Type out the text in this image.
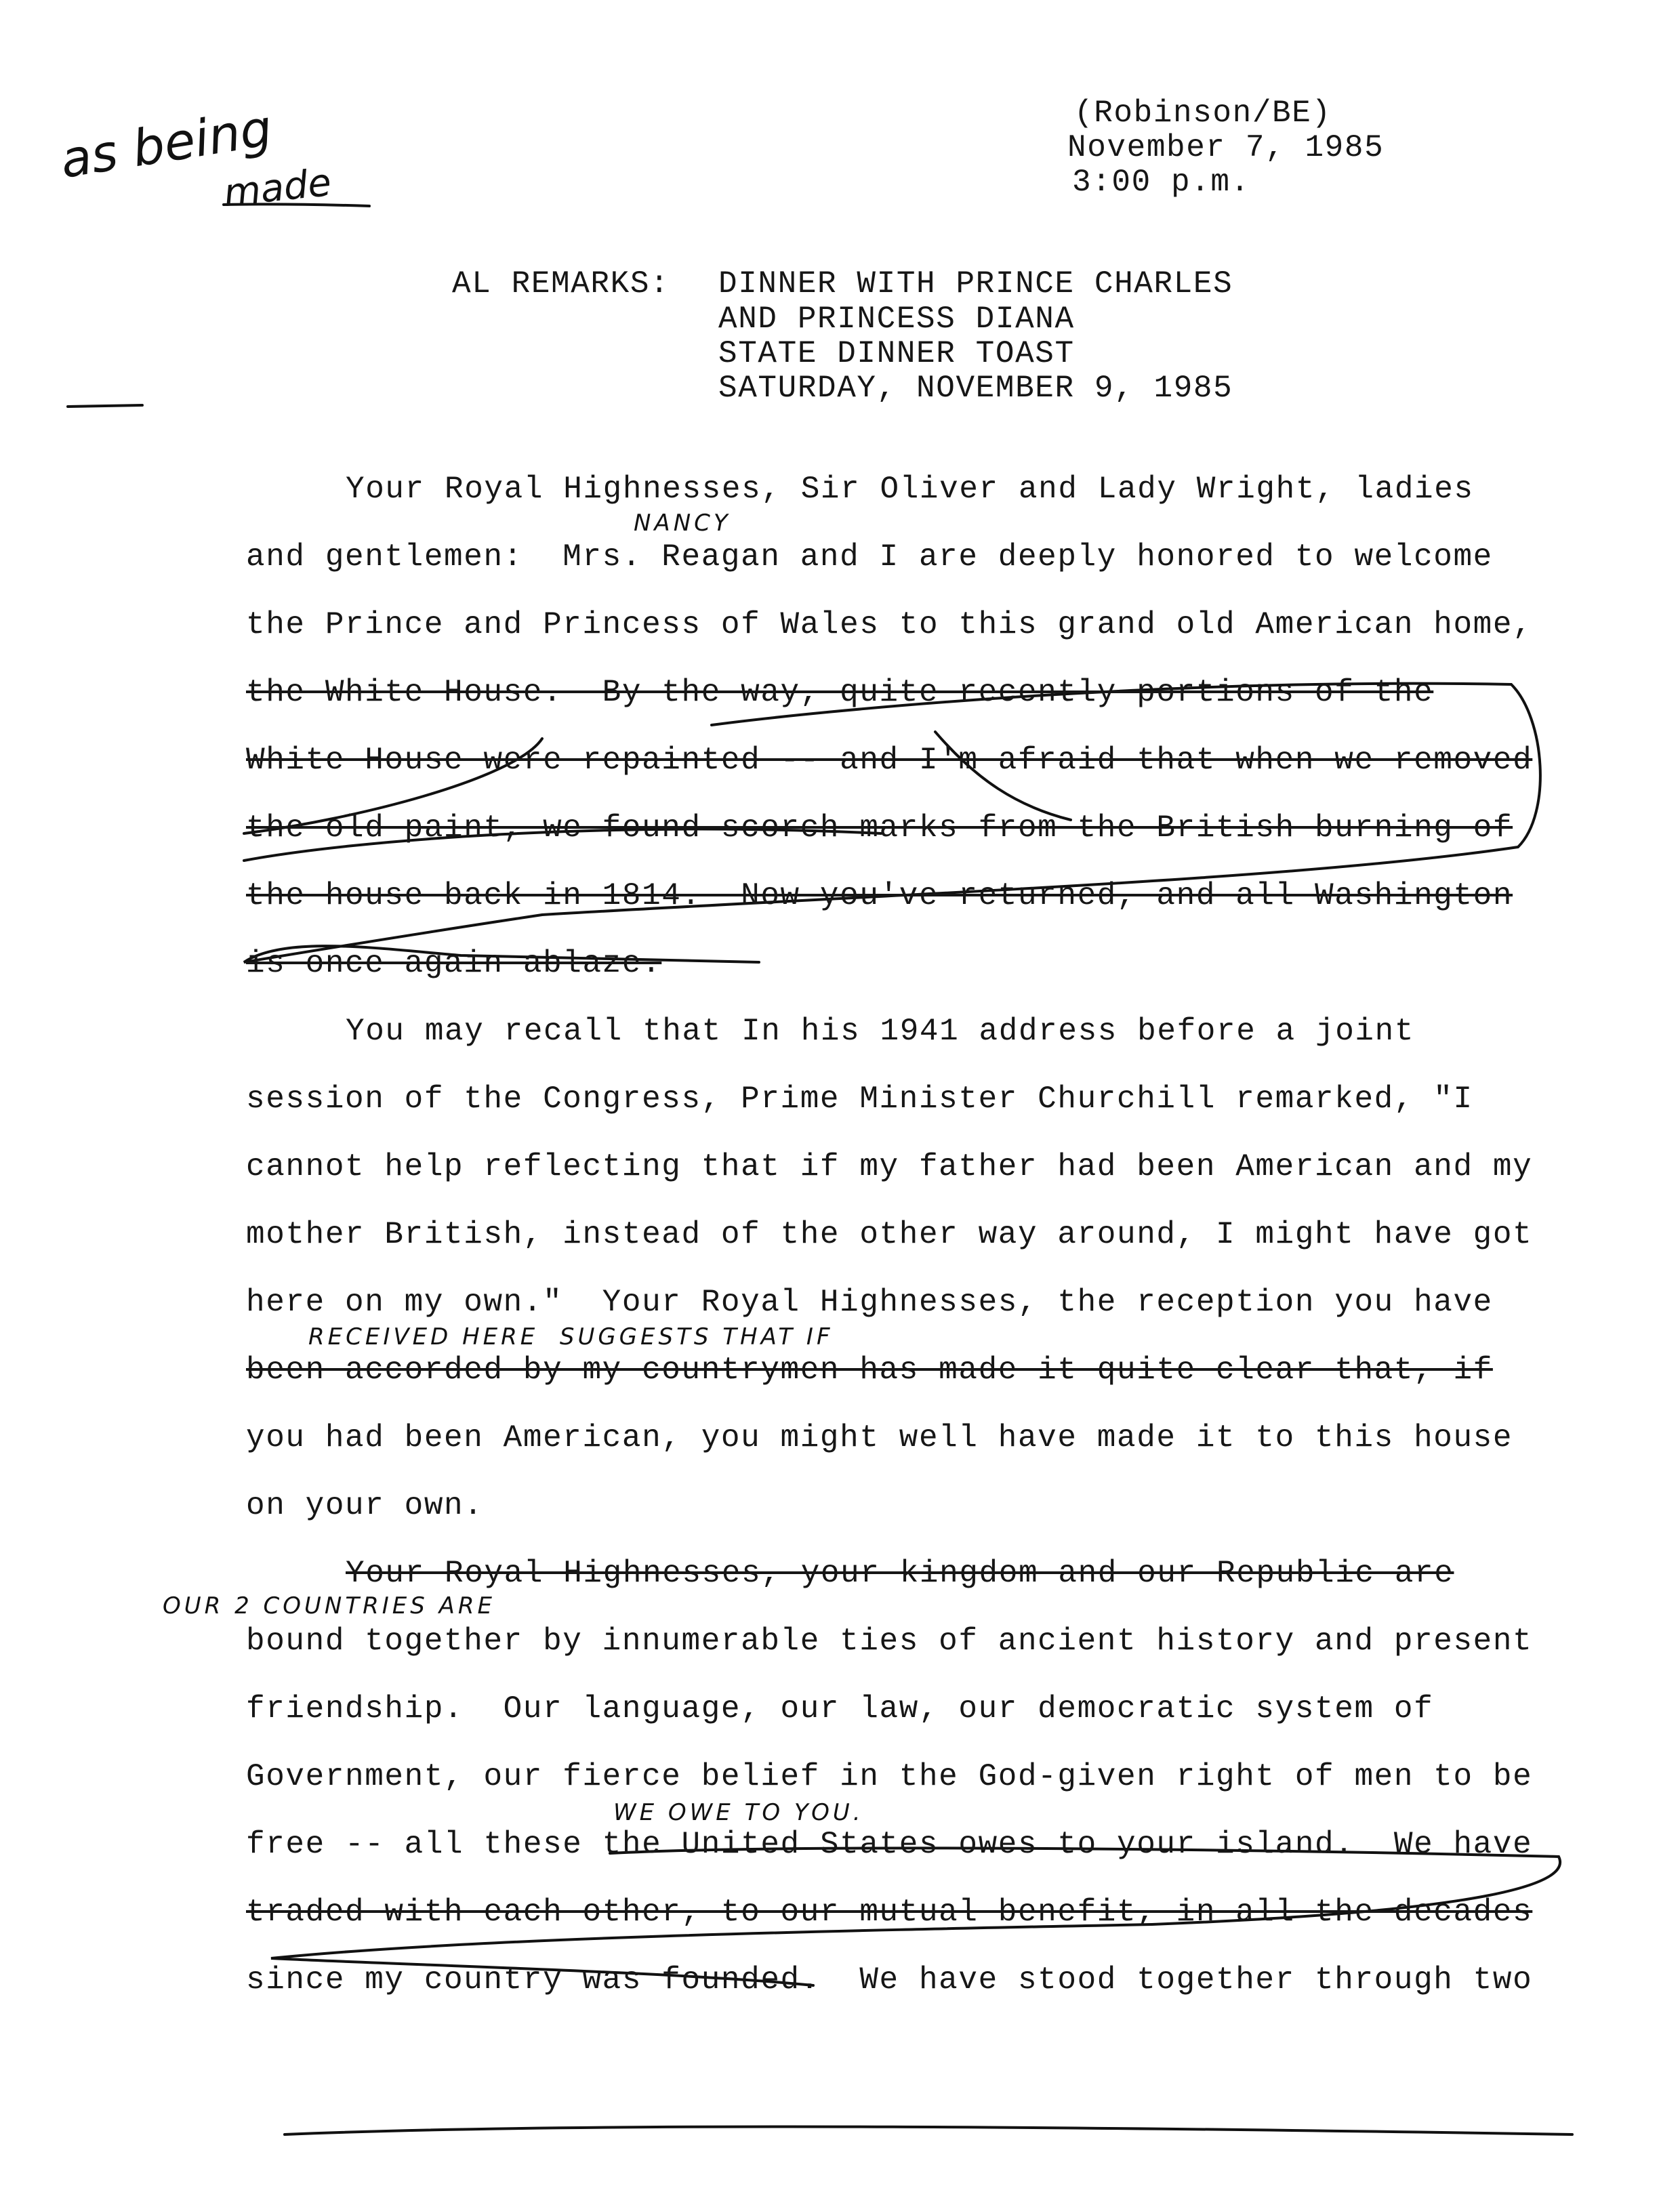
(Robinson/BE)
November 7, 1985
3:00 p.m.
as being
made
AL REMARKS: DINNER WITH PRINCE CHARLES
AND PRINCESS DIANA
STATE DINNER TOAST
SATURDAY, NOVEMBER 9, 1985
Your Royal Highnesses, Sir Oliver and Lady Wright, ladies
NANCY
and gentlemen:  Mrs. Reagan and I are deeply honored to welcome
the Prince and Princess of Wales to this grand old American home,
the White House.  By the way, quite recently portions of the
White House were repainted -- and I'm afraid that when we removed
the old paint, we found scorch marks from the British burning of
the house back in 1814.  Now you've returned, and all Washington
is once again ablaze.
You may recall that In his 1941 address before a joint
session of the Congress, Prime Minister Churchill remarked, "I
cannot help reflecting that if my father had been American and my
mother British, instead of the other way around, I might have got
here on my own."  Your Royal Highnesses, the reception you have
RECEIVED HERE  SUGGESTS THAT IF
been accorded by my countrymen has made it quite clear that, if
you had been American, you might well have made it to this house
on your own.
Your Royal Highnesses, your kingdom and our Republic are
OUR 2 COUNTRIES ARE
bound together by innumerable ties of ancient history and present
friendship.  Our language, our law, our democratic system of
Government, our fierce belief in the God-given right of men to be
WE OWE TO YOU.
free -- all these the United States owes to your island.  We have
traded with each other, to our mutual benefit, in all the decades
since my country was founded.  We have stood together through two
